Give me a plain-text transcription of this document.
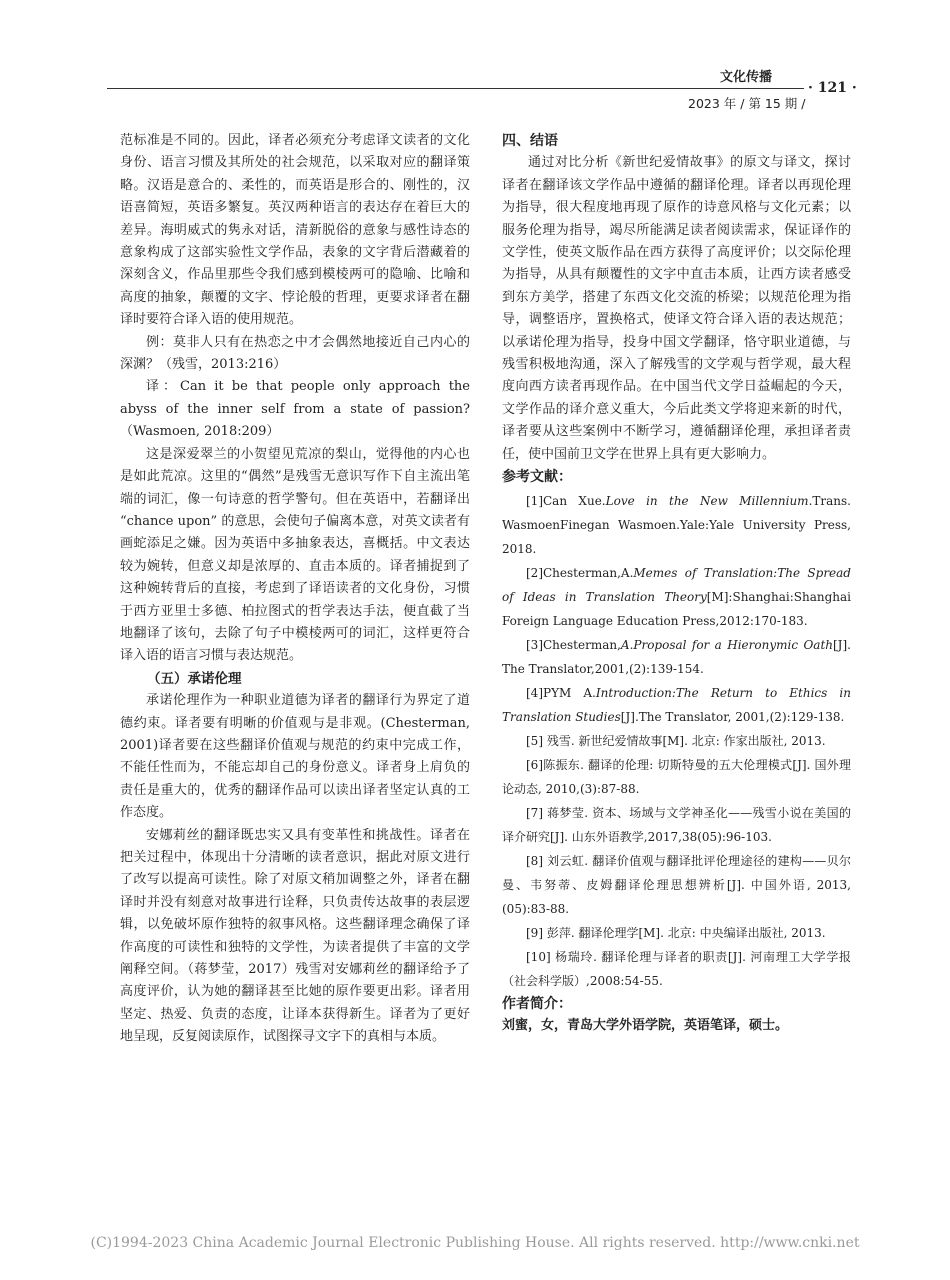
文化传播
· 121 ·
2023 年 / 第 15 期 /

范标准是不同的。因此，译者必须充分考虑译文读者的文化身份、语言习惯及其所处的社会规范，以采取对应的翻译策略。汉语是意合的、柔性的，而英语是形合的、刚性的，汉语喜简短，英语多繁复。英汉两种语言的表达存在着巨大的差异。海明威式的隽永对话，清新脱俗的意象与感性诗态的意象构成了这部实验性文学作品，表象的文字背后潜藏着的深刻含义，作品里那些令我们感到模棱两可的隐喻、比喻和高度的抽象，颠覆的文字、悖论般的哲理，更要求译者在翻译时要符合译入语的使用规范。

例：莫非人只有在热恋之中才会偶然地接近自己内心的深渊？（残雪，2013:216）

译：Can it be that people only approach the abyss of the inner self from a state of passion?（Wasmoen, 2018:209）

这是深爱翠兰的小贺望见荒凉的梨山，觉得他的内心也是如此荒凉。这里的“偶然”是残雪无意识写作下自主流出笔端的词汇，像一句诗意的哲学警句。但在英语中，若翻译出 “chance upon” 的意思，会使句子偏离本意，对英文读者有画蛇添足之嫌。因为英语中多抽象表达，喜概括。中文表达较为婉转，但意义却是浓厚的、直击本质的。译者捕捉到了这种婉转背后的直接，考虑到了译语读者的文化身份，习惯于西方亚里士多德、柏拉图式的哲学表达手法，便直截了当地翻译了该句，去除了句子中模棱两可的词汇，这样更符合译入语的语言习惯与表达规范。

（五）承诺伦理

承诺伦理作为一种职业道德为译者的翻译行为界定了道德约束。译者要有明晰的价值观与是非观。(Chesterman, 2001)译者要在这些翻译价值观与规范的约束中完成工作，不能任性而为，不能忘却自己的身份意义。译者身上肩负的责任是重大的，优秀的翻译作品可以读出译者坚定认真的工作态度。

安娜莉丝的翻译既忠实又具有变革性和挑战性。译者在把关过程中，体现出十分清晰的读者意识，据此对原文进行了改写以提高可读性。除了对原文稍加调整之外，译者在翻译时并没有刻意对故事进行诠释，只负责传达故事的表层逻辑，以免破坏原作独特的叙事风格。这些翻译理念确保了译作高度的可读性和独特的文学性，为读者提供了丰富的文学阐释空间。（蒋梦莹，2017）残雪对安娜莉丝的翻译给予了高度评价，认为她的翻译甚至比她的原作要更出彩。译者用坚定、热爱、负责的态度，让译本获得新生。译者为了更好地呈现，反复阅读原作，试图探寻文字下的真相与本质。

四、结语

通过对比分析《新世纪爱情故事》的原文与译文，探讨译者在翻译该文学作品中遵循的翻译伦理。译者以再现伦理为指导，很大程度地再现了原作的诗意风格与文化元素；以服务伦理为指导，竭尽所能满足读者阅读需求，保证译作的文学性，使英文版作品在西方获得了高度评价；以交际伦理为指导，从具有颠覆性的文字中直击本质，让西方读者感受到东方美学，搭建了东西文化交流的桥梁；以规范伦理为指导，调整语序，置换格式，使译文符合译入语的表达规范；以承诺伦理为指导，投身中国文学翻译，恪守职业道德，与残雪积极地沟通，深入了解残雪的文学观与哲学观，最大程度向西方读者再现作品。在中国当代文学日益崛起的今天，文学作品的译介意义重大，今后此类文学将迎来新的时代，译者要从这些案例中不断学习，遵循翻译伦理，承担译者责任，使中国前卫文学在世界上具有更大影响力。

参考文献：

[1]Can Xue.Love in the New Millennium.Trans. WasmoenFinegan Wasmoen.Yale:Yale University Press, 2018.

[2]Chesterman,A.Memes of Translation:The Spread of Ideas in Translation Theory[M]:Shanghai:Shanghai Foreign Language Education Press,2012:170-183.

[3]Chesterman,A.Proposal for a Hieronymic Oath[J]. The Translator,2001,(2):139-154.

[4]PYM A.Introduction:The Return to Ethics in Translation Studies[J].The Translator, 2001,(2):129-138.

[5] 残雪. 新世纪爱情故事[M]. 北京: 作家出版社, 2013.

[6]陈振东. 翻译的伦理: 切斯特曼的五大伦理模式[J]. 国外理论动态, 2010,(3):87-88.

[7] 蒋梦莹. 资本、场域与文学神圣化——残雪小说在美国的译介研究[J]. 山东外语教学,2017,38(05):96-103.

[8] 刘云虹. 翻译价值观与翻译批评伦理途径的建构——贝尔曼、韦努蒂、皮姆翻译伦理思想辨析[J]. 中国外语, 2013,(05):83-88.

[9] 彭萍. 翻译伦理学[M]. 北京: 中央编译出版社, 2013.

[10] 杨瑞玲. 翻译伦理与译者的职责[J]. 河南理工大学学报（社会科学版）,2008:54-55.

作者简介：

刘蜜，女，青岛大学外语学院，英语笔译，硕士。

(C)1994-2023 China Academic Journal Electronic Publishing House. All rights reserved. http://www.cnki.net
